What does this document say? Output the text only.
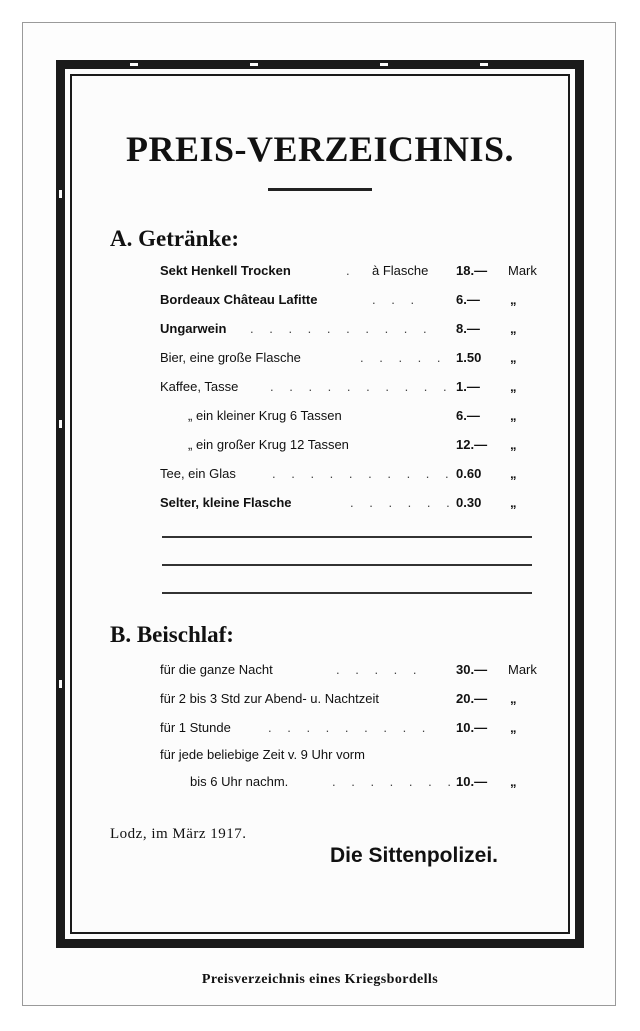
PREIS-VERZEICHNIS.
A. Getränke:
Sekt Henkell Trocken	. à Flasche 18.— Mark
Bordeaux Château Lafitte	. . .	6.— „
Ungarwein . . . . . . . . . . 8.— „
Bier, eine große Flasche	. . . . . 1.50 „
Kaffee, Tasse . . . . . . . . . . 1.— „
„ ein kleiner Krug 6 Tassen	6.— „
„ ein großer Krug 12 Tassen	12.— „
Tee, ein Glas	. . . . . . . . . . 0.60 „
Selter, kleine Flasche	. . . . . . 0.30 „
B. Beischlaf:
für die ganze Nacht	. . . . .	30.— Mark
für 2 bis 3 Std zur Abend- u. Nachtzeit	20.— „
für 1 Stunde	. . . . . . . . . 10.— „
für jede beliebige Zeit v. 9 Uhr vorm
bis 6 Uhr nachm.	. . . . . . . 10.— „
Lodz, im März 1917.
Die Sittenpolizei.
Preisverzeichnis eines Kriegsbordells
